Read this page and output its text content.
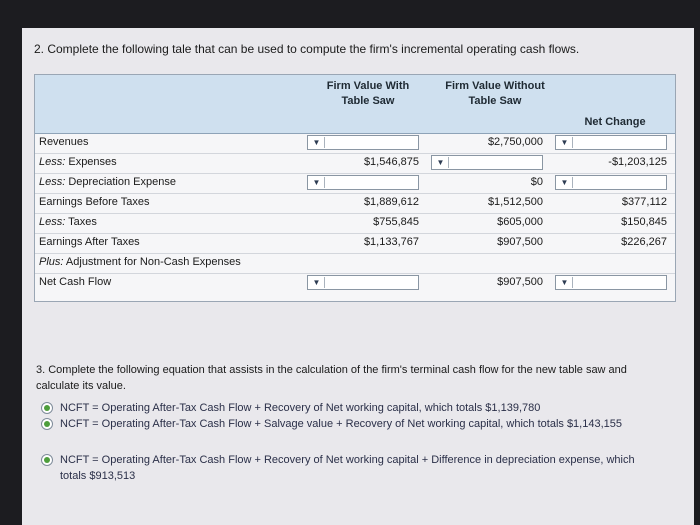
2. Complete the following tale that can be used to compute the firm's incremental operating cash flows.
Firm Value With Table Saw
Firm Value Without Table Saw
Net Change
Revenues	▼	$2,750,000	▼
Less: Expenses	$1,546,875	▼	-$1,203,125
Less: Depreciation Expense	▼	$0	▼
Earnings Before Taxes	$1,889,612	$1,512,500	$377,112
Less: Taxes	$755,845	$605,000	$150,845
Earnings After Taxes	$1,133,767	$907,500	$226,267
Plus: Adjustment for Non-Cash Expenses
Net Cash Flow	▼	$907,500	▼
3. Complete the following equation that assists in the calculation of the firm's terminal cash flow for the new table saw and calculate its value.
NCFT = Operating After-Tax Cash Flow + Recovery of Net working capital, which totals $1,139,780
NCFT = Operating After-Tax Cash Flow + Salvage value + Recovery of Net working capital, which totals $1,143,155
NCFT = Operating After-Tax Cash Flow + Recovery of Net working capital + Difference in depreciation expense, which totals $913,513
